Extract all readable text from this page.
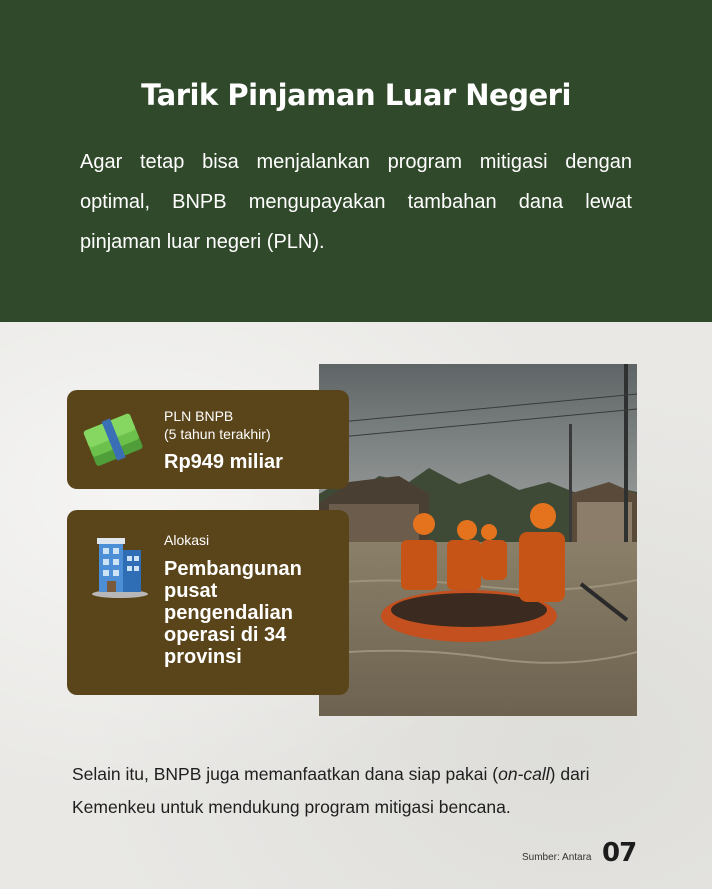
Tarik Pinjaman Luar Negeri

Agar tetap bisa menjalankan program mitigasi dengan optimal, BNPB mengupayakan tambahan dana lewat pinjaman luar negeri (PLN).

PLN BNPB
(5 tahun terakhir)

Rp949 miliar

Alokasi

Pembangunan pusat pengendalian operasi di 34 provinsi

Selain itu, BNPB juga memanfaatkan dana siap pakai (on-call) dari Kemenkeu untuk mendukung program mitigasi bencana.

Sumber: Antara 07
